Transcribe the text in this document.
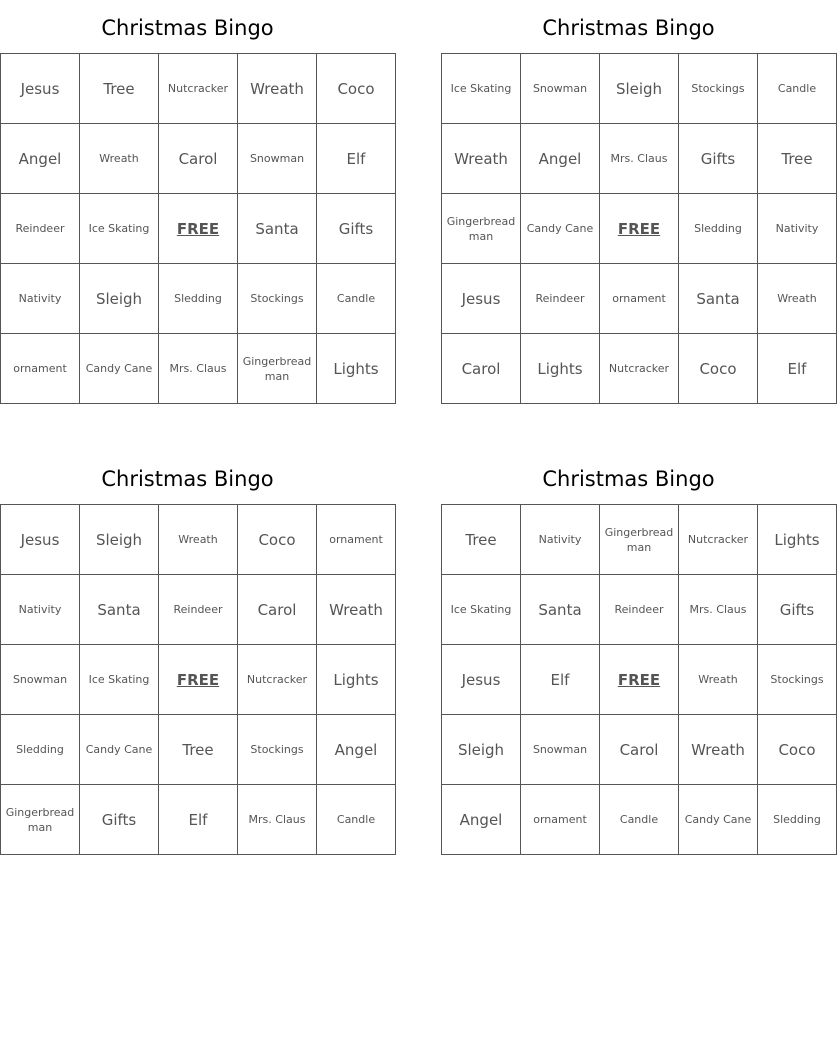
Christmas Bingo
Jesus	Tree	Nutcracker	Wreath	Coco
Angel	Wreath	Carol	Snowman	Elf
Reindeer	Ice Skating	FREE	Santa	Gifts
Nativity	Sleigh	Sledding	Stockings	Candle
ornament	Candy Cane	Mrs. Claus	Gingerbread man	Lights
Christmas Bingo
Ice Skating	Snowman	Sleigh	Stockings	Candle
Wreath	Angel	Mrs. Claus	Gifts	Tree
Gingerbread man	Candy Cane	FREE	Sledding	Nativity
Jesus	Reindeer	ornament	Santa	Wreath
Carol	Lights	Nutcracker	Coco	Elf
Christmas Bingo
Jesus	Sleigh	Wreath	Coco	ornament
Nativity	Santa	Reindeer	Carol	Wreath
Snowman	Ice Skating	FREE	Nutcracker	Lights
Sledding	Candy Cane	Tree	Stockings	Angel
Gingerbread man	Gifts	Elf	Mrs. Claus	Candle
Christmas Bingo
Tree	Nativity	Gingerbread man	Nutcracker	Lights
Ice Skating	Santa	Reindeer	Mrs. Claus	Gifts
Jesus	Elf	FREE	Wreath	Stockings
Sleigh	Snowman	Carol	Wreath	Coco
Angel	ornament	Candle	Candy Cane	Sledding
